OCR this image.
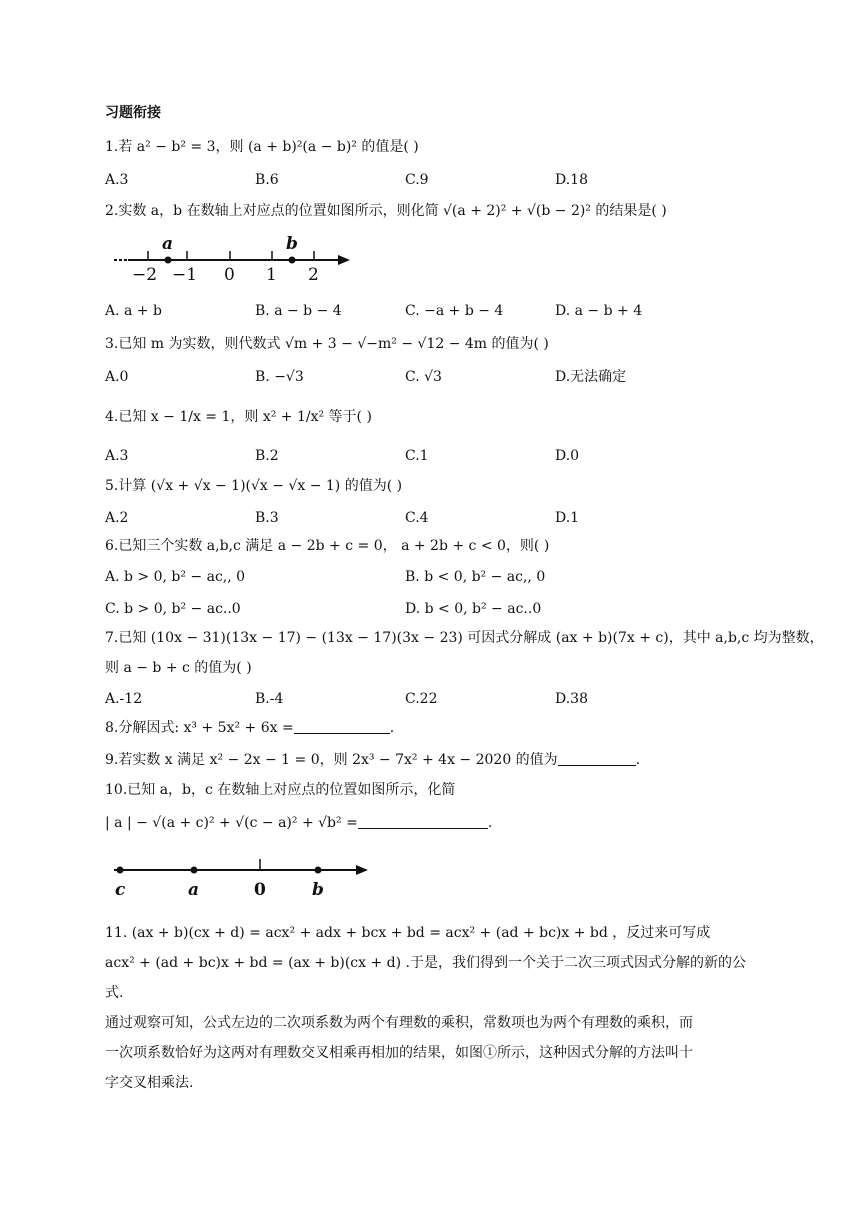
习题衔接
1.若 a² − b² = 3，则 (a + b)²(a − b)² 的值是( )
A.3	B.6	C.9	D.18
2.实数 a，b 在数轴上对应点的位置如图所示，则化简 √(a + 2)² + √(b − 2)² 的结果是( )
a	b
−2 −1 0 1 2
A. a + b	B. a − b − 4	C. −a + b − 4	D. a − b + 4
3.已知 m 为实数，则代数式 √m + 3 − √−m² − √12 − 4m 的值为( )
A.0	B. −√3	C. √3	D.无法确定
4.已知 x − 1/x = 1，则 x² + 1/x² 等于( )
A.3	B.2	C.1	D.0
5.计算 (√x + √x − 1)(√x − √x − 1) 的值为( )
A.2	B.3	C.4	D.1
6.已知三个实数 a,b,c 满足 a − 2b + c = 0， a + 2b + c < 0，则( )
A. b > 0, b² − ac,, 0	B. b < 0, b² − ac,, 0
C. b > 0, b² − ac..0	D. b < 0, b² − ac..0
7.已知 (10x − 31)(13x − 17) − (13x − 17)(3x − 23) 可因式分解成 (ax + b)(7x + c)，其中 a,b,c 均为整数，
则 a − b + c 的值为( )
A.-12	B.-4	C.22	D.38
8.分解因式: x³ + 5x² + 6x =	.
9.若实数 x 满足 x² − 2x − 1 = 0，则 2x³ − 7x² + 4x − 2020 的值为	.
10.已知 a，b，c 在数轴上对应点的位置如图所示，化简
| a | − √(a + c)² + √(c − a)² + √b² =	.
c	a	0	b

11. (ax + b)(cx + d) = acx² + adx + bcx + bd = acx² + (ad + bc)x + bd ，反过来可写成

acx² + (ad + bc)x + bd = (ax + b)(cx + d) .于是，我们得到一个关于二次三项式因式分解的新的公式.

通过观察可知，公式左边的二次项系数为两个有理数的乘积，常数项也为两个有理数的乘积，而

一次项系数恰好为这两对有理数交叉相乘再相加的结果，如图①所示，这种因式分解的方法叫十

字交叉相乘法.
